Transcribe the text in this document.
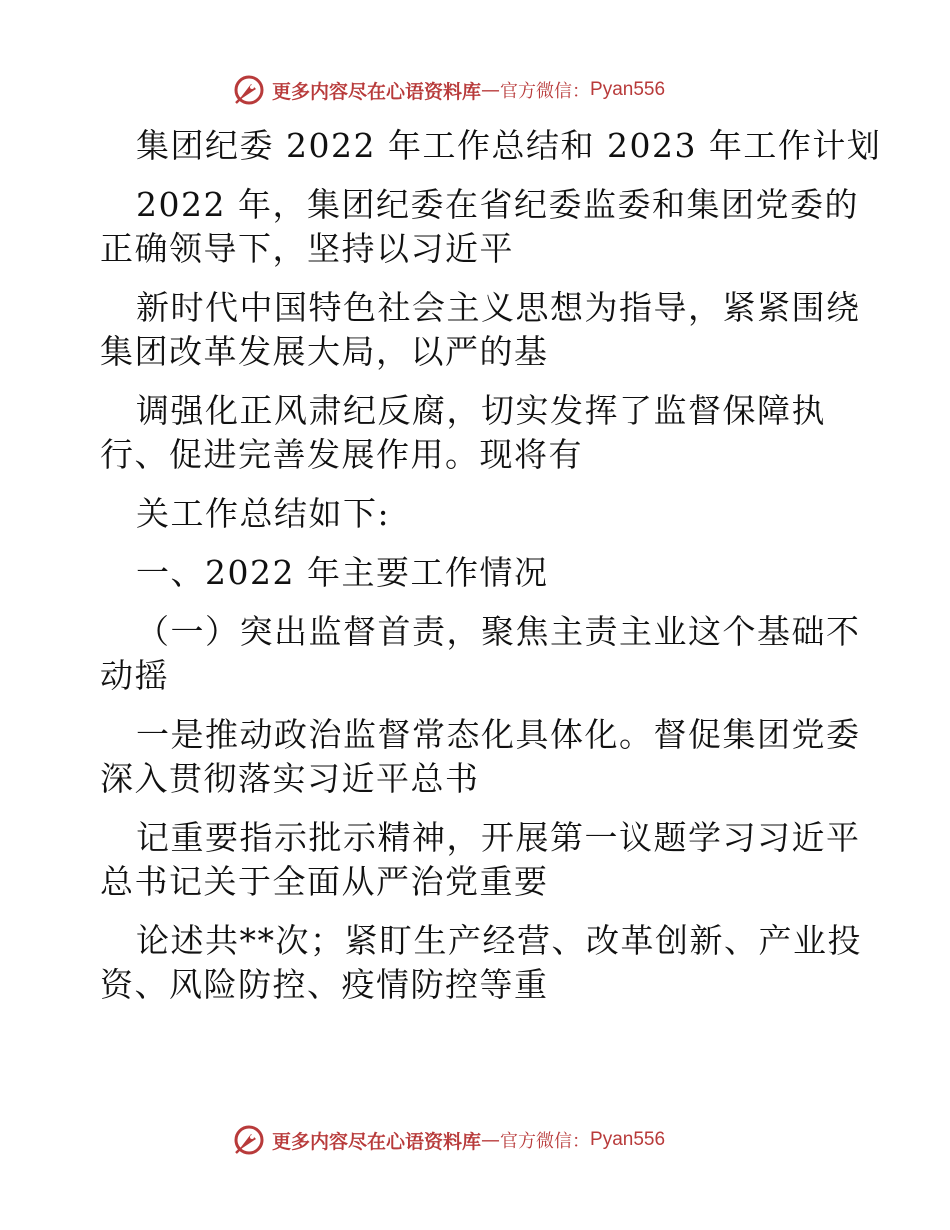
更多内容尽在心语资料库 — 官方微信： Pyan556

集团纪委 2022 年工作总结和 2023 年工作计划

2022 年，集团纪委在省纪委监委和集团党委的

正确领导下，坚持以习近平

新时代中国特色社会主义思想为指导，紧紧围绕

集团改革发展大局，以严的基

调强化正风肃纪反腐，切实发挥了监督保障执

行、促进完善发展作用。现将有

关工作总结如下:

一、2022 年主要工作情况

（一）突出监督首责，聚焦主责主业这个基础不

动摇

一是推动政治监督常态化具体化。督促集团党委

深入贯彻落实习近平总书

记重要指示批示精神，开展第一议题学习习近平

总书记关于全面从严治党重要

论述共**次；紧盯生产经营、改革创新、产业投

资、风险防控、疫情防控等重

更多内容尽在心语资料库 — 官方微信： Pyan556
